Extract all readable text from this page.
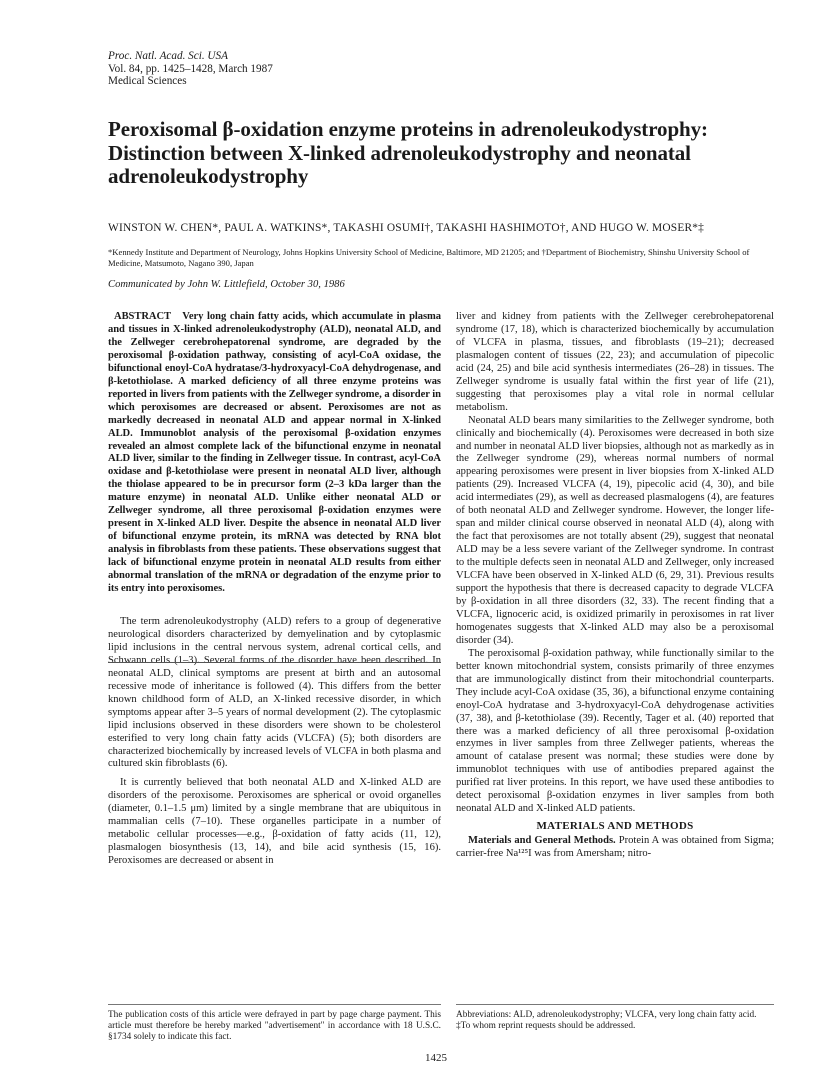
Proc. Natl. Acad. Sci. USA
Vol. 84, pp. 1425–1428, March 1987
Medical Sciences
Peroxisomal β-oxidation enzyme proteins in adrenoleukodystrophy: Distinction between X-linked adrenoleukodystrophy and neonatal adrenoleukodystrophy
WINSTON W. CHEN*, PAUL A. WATKINS*, TAKASHI OSUMI†, TAKASHI HASHIMOTO†, AND HUGO W. MOSER*‡
*Kennedy Institute and Department of Neurology, Johns Hopkins University School of Medicine, Baltimore, MD 21205; and †Department of Biochemistry, Shinshu University School of Medicine, Matsumoto, Nagano 390, Japan
Communicated by John W. Littlefield, October 30, 1986

ABSTRACT Very long chain fatty acids, which accumulate in plasma and tissues in X-linked adrenoleukodystrophy (ALD), neonatal ALD, and the Zellweger cerebrohepatorenal syndrome, are degraded by the peroxisomal β-oxidation pathway, consisting of acyl-CoA oxidase, the bifunctional enoyl-CoA hydratase/3-hydroxyacyl-CoA dehydrogenase, and β-ketothiolase. A marked deficiency of all three enzyme proteins was reported in livers from patients with the Zellweger syndrome, a disorder in which peroxisomes are decreased or absent. Peroxisomes are not as markedly decreased in neonatal ALD and appear normal in X-linked ALD. Immunoblot analysis of the peroxisomal β-oxidation enzymes revealed an almost complete lack of the bifunctional enzyme in neonatal ALD liver, similar to the finding in Zellweger tissue. In contrast, acyl-CoA oxidase and β-ketothiolase were present in neonatal ALD liver, although the thiolase appeared to be in precursor form (2–3 kDa larger than the mature enzyme) in neonatal ALD. Unlike either neonatal ALD or Zellweger syndrome, all three peroxisomal β-oxidation enzymes were present in X-linked ALD liver. Despite the absence in neonatal ALD liver of bifunctional enzyme protein, its mRNA was detected by RNA blot analysis in fibroblasts from these patients. These observations suggest that lack of bifunctional enzyme protein in neonatal ALD results from either abnormal translation of the mRNA or degradation of the enzyme prior to its entry into peroxisomes.

The term adrenoleukodystrophy (ALD) refers to a group of degenerative neurological disorders characterized by demyelination and by cytoplasmic lipid inclusions in the central nervous system, adrenal cortical cells, and Schwann cells (1–3). Several forms of the disorder have been described. In neonatal ALD, clinical symptoms are present at birth and an autosomal recessive mode of inheritance is followed (4). This differs from the better known childhood form of ALD, an X-linked recessive disorder, in which symptoms appear after 3–5 years of normal development (2). The cytoplasmic lipid inclusions observed in these disorders were shown to be cholesterol esterified to very long chain fatty acids (VLCFA) (5); both disorders are characterized biochemically by increased levels of VLCFA in both plasma and cultured skin fibroblasts (6).

It is currently believed that both neonatal ALD and X-linked ALD are disorders of the peroxisome. Peroxisomes are spherical or ovoid organelles (diameter, 0.1–1.5 μm) limited by a single membrane that are ubiquitous in mammalian cells (7–10). These organelles participate in a number of metabolic cellular processes—e.g., β-oxidation of fatty acids (11, 12), plasmalogen biosynthesis (13, 14), and bile acid synthesis (15, 16). Peroxisomes are decreased or absent in

liver and kidney from patients with the Zellweger cerebrohepatorenal syndrome (17, 18), which is characterized biochemically by accumulation of VLCFA in plasma, tissues, and fibroblasts (19–21); decreased plasmalogen content of tissues (22, 23); and accumulation of pipecolic acid (24, 25) and bile acid synthesis intermediates (26–28) in tissues. The Zellweger syndrome is usually fatal within the first year of life (21), suggesting that peroxisomes play a vital role in normal cellular metabolism.

Neonatal ALD bears many similarities to the Zellweger syndrome, both clinically and biochemically (4). Peroxisomes were decreased in both size and number in neonatal ALD liver biopsies, although not as markedly as in the Zellweger syndrome (29), whereas normal numbers of normal appearing peroxisomes were present in liver biopsies from X-linked ALD patients (29). Increased VLCFA (4, 19), pipecolic acid (4, 30), and bile acid intermediates (29), as well as decreased plasmalogens (4), are features of both neonatal ALD and Zellweger syndrome. However, the longer life-span and milder clinical course observed in neonatal ALD (4), along with the fact that peroxisomes are not totally absent (29), suggest that neonatal ALD may be a less severe variant of the Zellweger syndrome. In contrast to the multiple defects seen in neonatal ALD and Zellweger, only increased VLCFA have been observed in X-linked ALD (6, 29, 31). Previous results support the hypothesis that there is decreased capacity to degrade VLCFA by β-oxidation in all three disorders (32, 33). The recent finding that a VLCFA, lignoceric acid, is oxidized primarily in peroxisomes in rat liver homogenates suggests that X-linked ALD may also be a peroxisomal disorder (34).

The peroxisomal β-oxidation pathway, while functionally similar to the better known mitochondrial system, consists primarily of three enzymes that are immunologically distinct from their mitochondrial counterparts. They include acyl-CoA oxidase (35, 36), a bifunctional enzyme containing enoyl-CoA hydratase and 3-hydroxyacyl-CoA dehydrogenase activities (37, 38), and β-ketothiolase (39). Recently, Tager et al. (40) reported that there was a marked deficiency of all three peroxisomal β-oxidation enzymes in liver samples from three Zellweger patients, whereas the amount of catalase present was normal; these studies were done by immunoblot techniques with use of antibodies prepared against the purified rat liver proteins. In this report, we have used these antibodies to detect peroxisomal β-oxidation enzymes in liver samples from both neonatal ALD and X-linked ALD patients.

MATERIALS AND METHODS

Materials and General Methods. Protein A was obtained from Sigma; carrier-free Na¹²⁵I was from Amersham; nitro-

The publication costs of this article were defrayed in part by page charge payment. This article must therefore be hereby marked "advertisement" in accordance with 18 U.S.C. §1734 solely to indicate this fact.

Abbreviations: ALD, adrenoleukodystrophy; VLCFA, very long chain fatty acid.

‡To whom reprint requests should be addressed.

1425
